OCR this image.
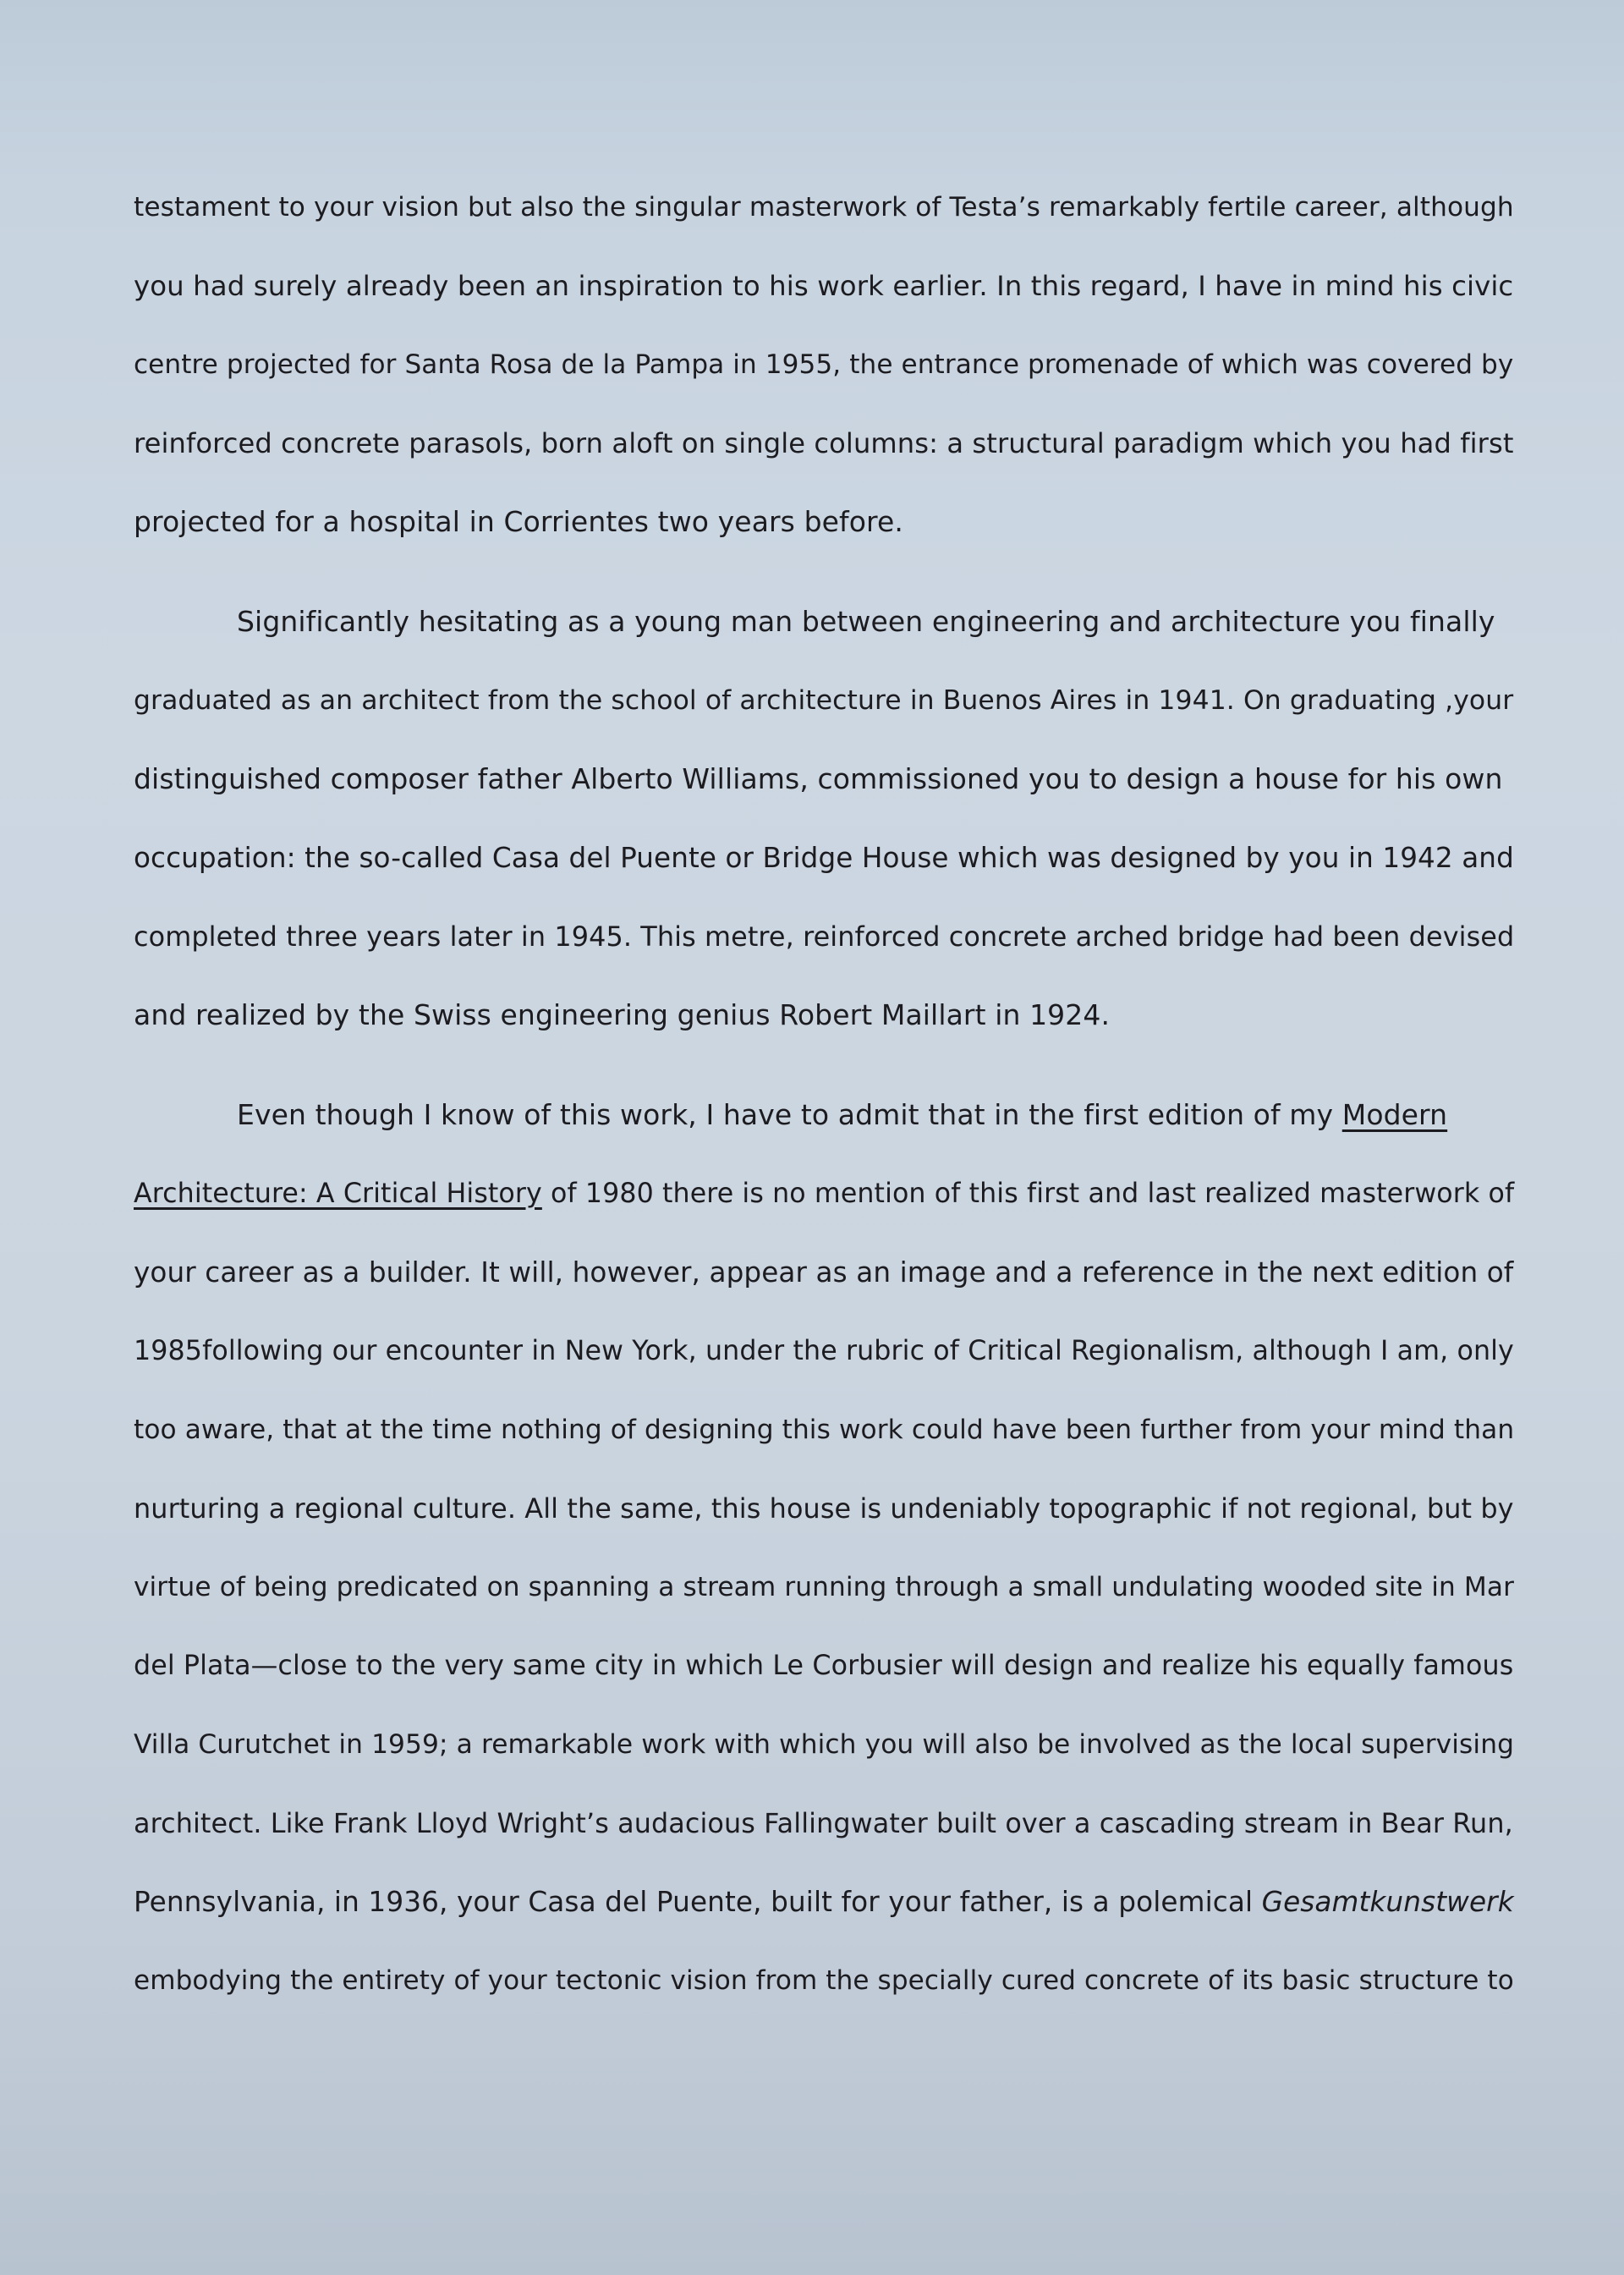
testament to your vision but also the singular masterwork of Testa’s remarkably fertile career, although
you had surely already been an inspiration to his work earlier. In this regard, I have in mind his civic
centre projected for Santa Rosa de la Pampa in 1955, the entrance promenade of which was covered by
reinforced concrete parasols, born aloft on single columns: a structural paradigm which you had first
projected for a hospital in Corrientes two years before.
Significantly hesitating as a young man between engineering and architecture you finally
graduated as an architect from the school of architecture in Buenos Aires in 1941. On graduating ,your
distinguished composer father Alberto Williams, commissioned you to design a house for his own
occupation: the so-called Casa del Puente or Bridge House which was designed by you in 1942 and
completed three years later in 1945. This metre, reinforced concrete arched bridge had been devised
and realized by the Swiss engineering genius Robert Maillart in 1924.
Even though I know of this work, I have to admit that in the first edition of my Modern
Architecture: A Critical History of 1980 there is no mention of this first and last realized masterwork of
your career as a builder. It will, however, appear as an image and a reference in the next edition of
1985following our encounter in New York, under the rubric of Critical Regionalism, although I am, only
too aware, that at the time nothing of designing this work could have been further from your mind than
nurturing a regional culture. All the same, this house is undeniably topographic if not regional, but by
virtue of being predicated on spanning a stream running through a small undulating wooded site in Mar
del Plata—close to the very same city in which Le Corbusier will design and realize his equally famous
Villa Curutchet in 1959; a remarkable work with which you will also be involved as the local supervising
architect. Like Frank Lloyd Wright’s audacious Fallingwater built over a cascading stream in Bear Run,
Pennsylvania, in 1936, your Casa del Puente, built for your father, is a polemical Gesamtkunstwerk
embodying the entirety of your tectonic vision from the specially cured concrete of its basic structure to
